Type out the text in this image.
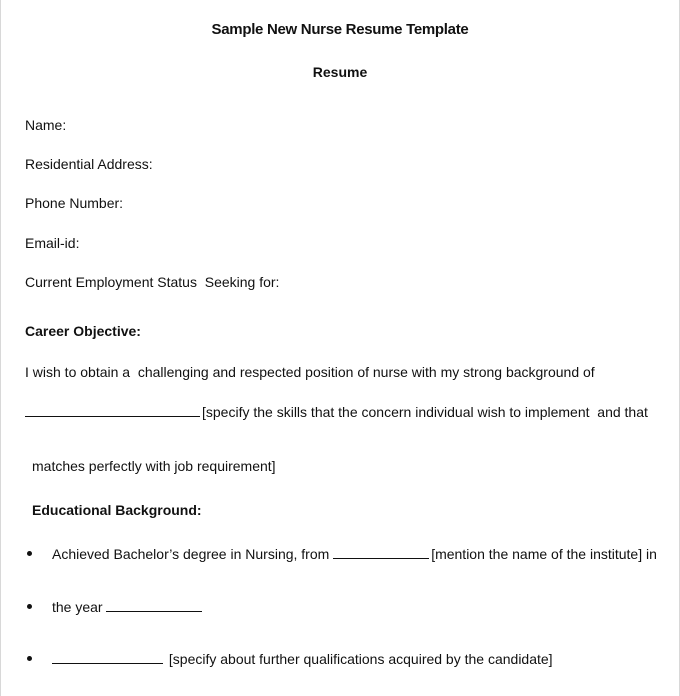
Sample New Nurse Resume Template
Resume
Name:
Residential Address:
Phone Number:
Email-id:
Current Employment Status  Seeking for:
Career Objective:
I wish to obtain a  challenging and respected position of nurse with my strong background of
[specify the skills that the concern individual wish to implement  and that
matches perfectly with job requirement]
Educational Background:
Achieved Bachelor’s degree in Nursing, from	[mention the name of the institute] in
the year
[specify about further qualifications acquired by the candidate]
